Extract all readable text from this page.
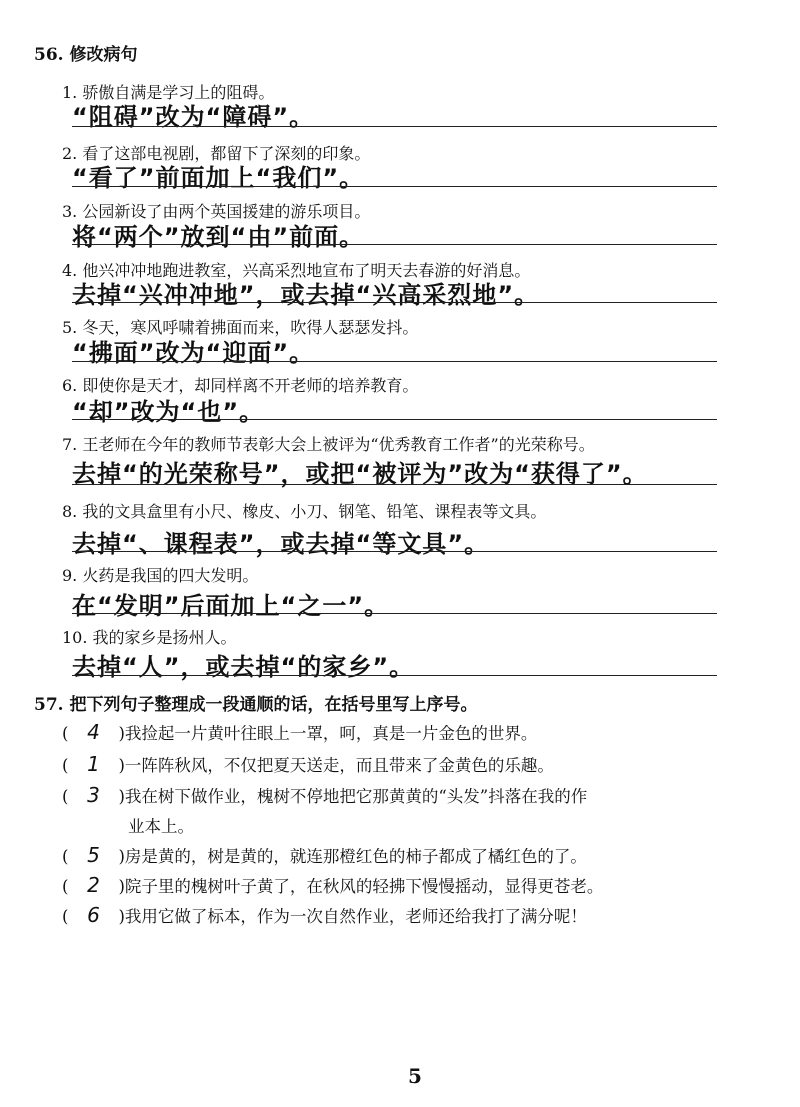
56. 修改病句
1. 骄傲自满是学习上的阻碍。
“阻碍”改为“障碍”。
2. 看了这部电视剧，都留下了深刻的印象。
“看了”前面加上“我们”。
3. 公园新设了由两个英国援建的游乐项目。
将“两个”放到“由”前面。
4. 他兴冲冲地跑进教室，兴高采烈地宣布了明天去春游的好消息。
去掉“兴冲冲地”，或去掉“兴高采烈地”。
5. 冬天，寒风呼啸着拂面而来，吹得人瑟瑟发抖。
“拂面”改为“迎面”。
6. 即使你是天才，却同样离不开老师的培养教育。
“却”改为“也”。
7. 王老师在今年的教师节表彰大会上被评为“优秀教育工作者”的光荣称号。
去掉“的光荣称号”，或把“被评为”改为“获得了”。
8. 我的文具盒里有小尺、橡皮、小刀、钢笔、铅笔、课程表等文具。
去掉“、课程表”，或去掉“等文具”。
9. 火药是我国的四大发明。
在“发明”后面加上“之一”。
10. 我的家乡是扬州人。
去掉“人”，或去掉“的家乡”。
57. 把下列句子整理成一段通顺的话，在括号里写上序号。
( 4 )我捡起一片黄叶往眼上一罩，呵，真是一片金色的世界。
( 1 )一阵阵秋风，不仅把夏天送走，而且带来了金黄色的乐趣。
( 3 )我在树下做作业，槐树不停地把它那黄黄的“头发”抖落在我的作
业本上。
( 5 )房是黄的，树是黄的，就连那橙红色的柿子都成了橘红色的了。
( 2 )院子里的槐树叶子黄了，在秋风的轻拂下慢慢摇动，显得更苍老。
( 6 )我用它做了标本，作为一次自然作业，老师还给我打了满分呢！
5
